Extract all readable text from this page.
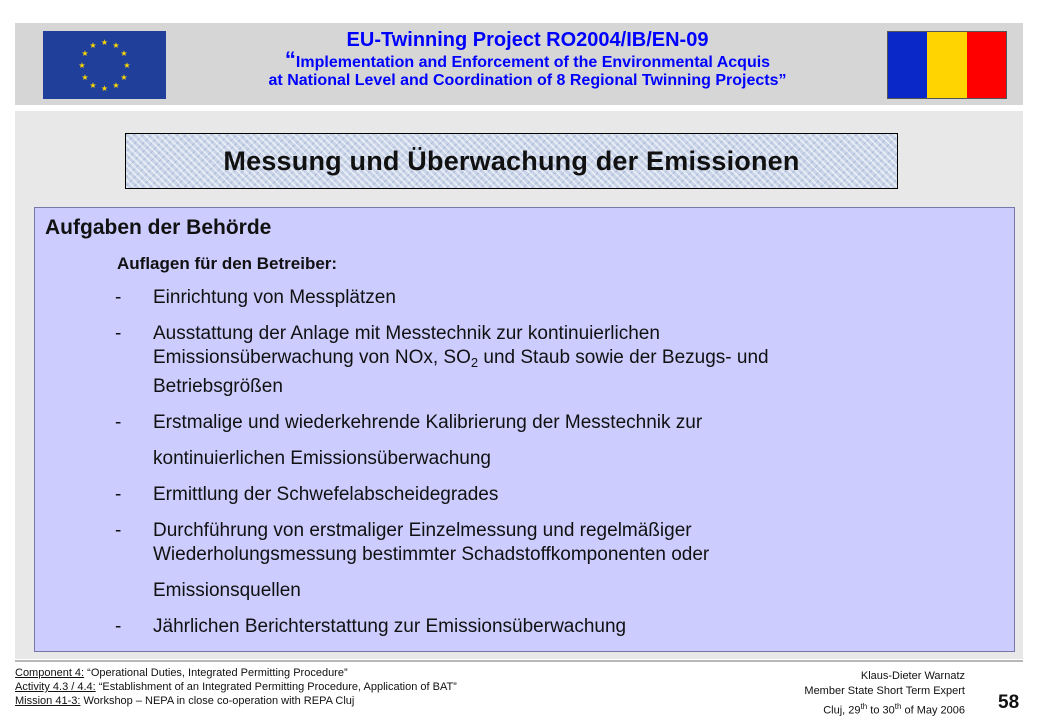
★ ★
★
★
★
★
★
★
★
★
★
★	EU-Twinning Project RO2004/IB/EN-09
“Implementation and Enforcement of the Environmental Acquis
at National Level and Coordination of 8 Regional Twinning Projects”
Messung und Überwachung der Emissionen
Aufgaben der Behörde
Auflagen für den Betreiber:
- Einrichtung von Messplätzen
- Ausstattung der Anlage mit Messtechnik zur kontinuierlichen
Emissionsüberwachung von NOx, $SO_2$ und Staub sowie der Bezugs- und
Betriebsgrößen
- Erstmalige und wiederkehrende Kalibrierung der Messtechnik zur
kontinuierlichen Emissionsüberwachung
- Ermittlung der Schwefelabscheidegrades
- Durchführung von erstmaliger Einzelmessung und regelmäßiger
Wiederholungsmessung bestimmter Schadstoffkomponenten oder
Emissionsquellen
- Jährlichen Berichterstattung zur Emissionsüberwachung
Component 4: “Operational Duties, Integrated Permitting Procedure”
Activity 4.3 / 4.4: “Establishment of an Integrated Permitting Procedure, Application of BAT”
Mission 41-3: Workshop – NEPA in close co-operation with REPA Cluj
Klaus-Dieter Warnatz
Member State Short Term Expert
Cluj, 29th to 30th of May 2006 58
